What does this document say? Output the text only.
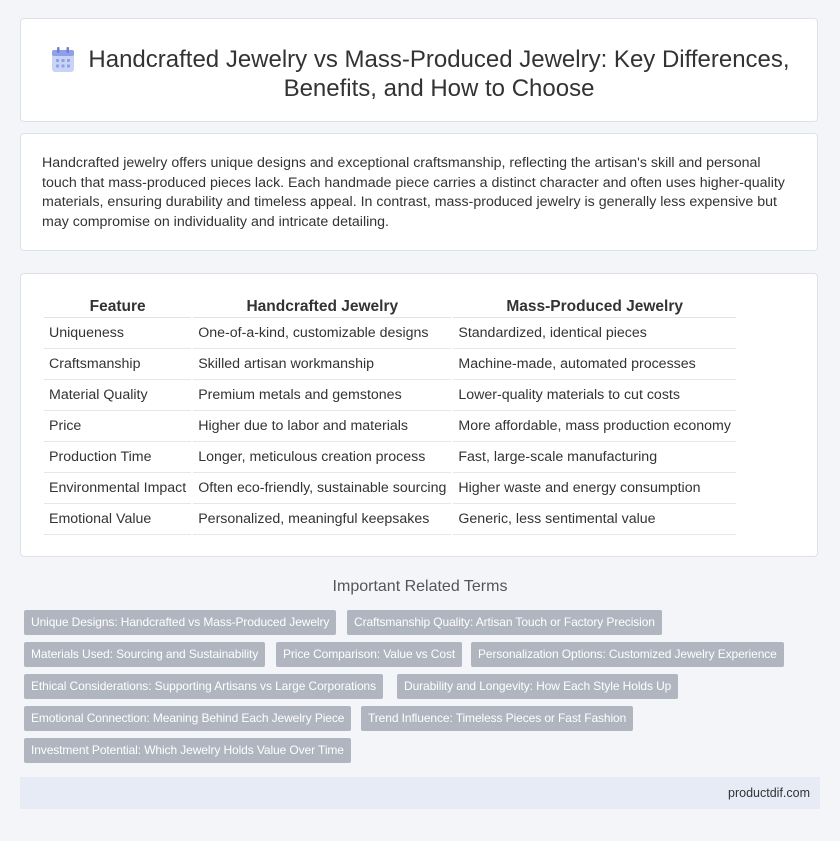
Handcrafted Jewelry vs Mass-Produced Jewelry: Key Differences, Benefits, and How to Choose

Handcrafted jewelry offers unique designs and exceptional craftsmanship, reflecting the artisan's skill and personal touch that mass-produced pieces lack. Each handmade piece carries a distinct character and often uses higher-quality materials, ensuring durability and timeless appeal. In contrast, mass-produced jewelry is generally less expensive but may compromise on individuality and intricate detailing.

Feature	Handcrafted Jewelry	Mass-Produced Jewelry
Uniqueness	One-of-a-kind, customizable designs	Standardized, identical pieces
Craftsmanship	Skilled artisan workmanship	Machine-made, automated processes
Material Quality	Premium metals and gemstones	Lower-quality materials to cut costs
Price	Higher due to labor and materials	More affordable, mass production economy
Production Time	Longer, meticulous creation process	Fast, large-scale manufacturing
Environmental Impact	Often eco-friendly, sustainable sourcing	Higher waste and energy consumption
Emotional Value	Personalized, meaningful keepsakes	Generic, less sentimental value
Important Related Terms
Unique Designs: Handcrafted vs Mass-Produced Jewelry	Craftsmanship Quality: Artisan Touch or Factory Precision
Materials Used: Sourcing and Sustainability	Price Comparison: Value vs Cost	Personalization Options: Customized Jewelry Experience
Ethical Considerations: Supporting Artisans vs Large Corporations	Durability and Longevity: How Each Style Holds Up
Emotional Connection: Meaning Behind Each Jewelry Piece	Trend Influence: Timeless Pieces or Fast Fashion
Investment Potential: Which Jewelry Holds Value Over Time
productdif.com
